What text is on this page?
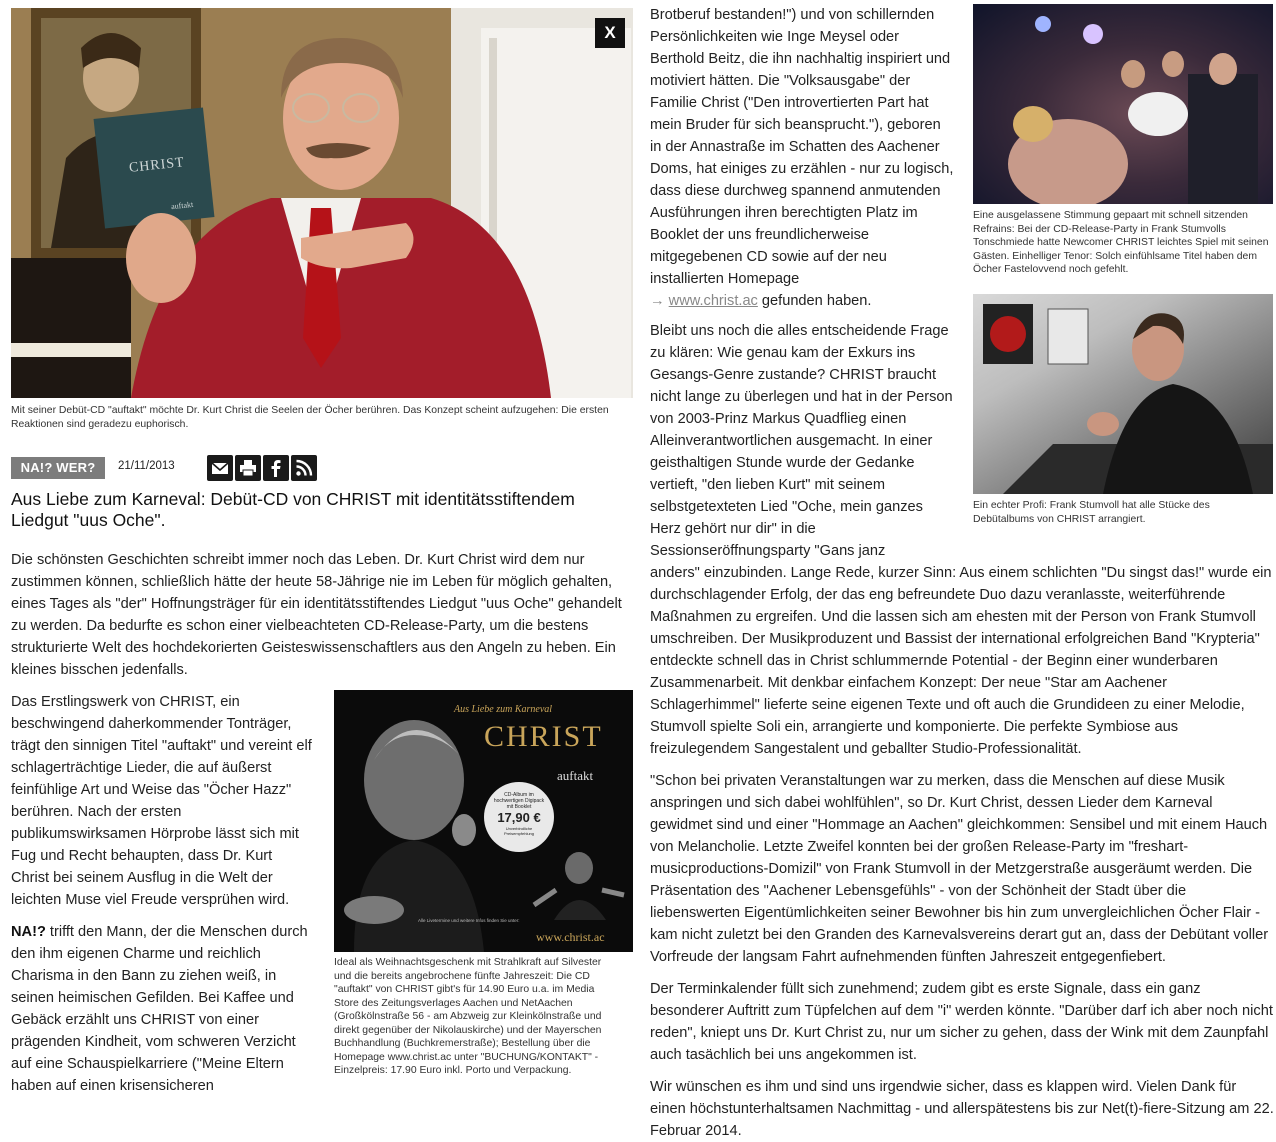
CHRIST
auftakt
X
Mit seiner Debüt-CD "auftakt" möchte Dr. Kurt Christ die Seelen der Öcher berühren. Das Konzept scheint aufzugehen: Die ersten Reaktionen sind geradezu euphorisch.
NA!? WER?	21/11/2013
Aus Liebe zum Karneval: Debüt-CD von CHRIST mit identitätsstiftendem Liedgut "uus Oche".

Die schönsten Geschichten schreibt immer noch das Leben. Dr. Kurt Christ wird dem nur zustimmen können, schließlich hätte der heute 58-Jährige nie im Leben für möglich gehalten, eines Tages als "der" Hoffnungsträger für ein identitätsstiftendes Liedgut "uus Oche" gehandelt zu werden. Da bedurfte es schon einer vielbeachteten CD-Release-Party, um die bestens strukturierte Welt des hochdekorierten Geisteswissenschaftlers aus den Angeln zu heben. Ein kleines bisschen jedenfalls.

Das Erstlingswerk von CHRIST, ein beschwingend daherkommender Tonträger, trägt den sinnigen Titel "auftakt" und vereint elf schlagerträchtige Lieder, die auf äußerst feinfühlige Art und Weise das "Öcher Hazz" berühren. Nach der ersten publikumswirksamen Hörprobe lässt sich mit Fug und Recht behaupten, dass Dr. Kurt Christ bei seinem Ausflug in die Welt der leichten Muse viel Freude versprühen wird.

NA!? trifft den Mann, der die Menschen durch den ihm eigenen Charme und reichlich Charisma in den Bann zu ziehen weiß, in seinen heimischen Gefilden. Bei Kaffee und Gebäck erzählt uns CHRIST von einer prägenden Kindheit, vom schweren Verzicht auf eine Schauspielkarriere ("Meine Eltern haben auf einen krisensicheren

Aus Liebe zum Karneval
CHRIST
auftakt
CD-Album im hochwertigen Digipack mit Booklet
17,90 €
Unverbindliche Preisempfehlung
Alle Livetermine und weitere Infos finden Sie unter:
www.christ.ac
Ideal als Weihnachtsgeschenk mit Strahlkraft auf Silvester und die bereits angebrochene fünfte Jahreszeit: Die CD "auftakt" von CHRIST gibt's für 14.90 Euro u.a. im Media Store des Zeitungsverlages Aachen und NetAachen (Großkölnstraße 56 - am Abzweig zur Kleinkölnstraße und direkt gegenüber der Nikolauskirche) und der Mayerschen Buchhandlung (Buchkremerstraße); Bestellung über die Homepage www.christ.ac unter "BUCHUNG/KONTAKT" - Einzelpreis: 17.90 Euro inkl. Porto und Verpackung.

Brotberuf bestanden!") und von schillernden Persönlichkeiten wie Inge Meysel oder Berthold Beitz, die ihn nachhaltig inspiriert und motiviert hätten. Die "Volksausgabe" der Familie Christ ("Den introvertierten Part hat mein Bruder für sich beansprucht."), geboren in der Annastraße im Schatten des Aachener Doms, hat einiges zu erzählen - nur zu logisch, dass diese durchweg spannend anmutenden Ausführungen ihren berechtigten Platz im Booklet der uns freundlicherweise mitgegebenen CD sowie auf der neu installierten Homepage
→ www.christ.ac gefunden haben.

Bleibt uns noch die alles entscheidende Frage zu klären: Wie genau kam der Exkurs ins Gesangs-Genre zustande? CHRIST braucht nicht lange zu überlegen und hat in der Person von 2003-Prinz Markus Quadflieg einen Alleinverantwortlichen ausgemacht. In einer geisthaltigen Stunde wurde der Gedanke vertieft, "den lieben Kurt" mit seinem selbstgetexteten Lied "Oche, mein ganzes Herz gehört nur dir" in die Sessionseröffnungsparty "Gans janz

anders" einzubinden. Lange Rede, kurzer Sinn: Aus einem schlichten "Du singst das!" wurde ein durchschlagender Erfolg, der das eng befreundete Duo dazu veranlasste, weiterführende Maßnahmen zu ergreifen. Und die lassen sich am ehesten mit der Person von Frank Stumvoll umschreiben. Der Musikproduzent und Bassist der international erfolgreichen Band "Krypteria" entdeckte schnell das in Christ schlummernde Potential - der Beginn einer wunderbaren Zusammenarbeit. Mit denkbar einfachem Konzept: Der neue "Star am Aachener Schlagerhimmel" lieferte seine eigenen Texte und oft auch die Grundideen zu einer Melodie, Stumvoll spielte Soli ein, arrangierte und komponierte. Die perfekte Symbiose aus freizulegendem Sangestalent und geballter Studio-Professionalität.

"Schon bei privaten Veranstaltungen war zu merken, dass die Menschen auf diese Musik anspringen und sich dabei wohlfühlen", so Dr. Kurt Christ, dessen Lieder dem Karneval gewidmet sind und einer "Hommage an Aachen" gleichkommen: Sensibel und mit einem Hauch von Melancholie. Letzte Zweifel konnten bei der großen Release-Party im "freshart-musicproductions-Domizil" von Frank Stumvoll in der Metzgerstraße ausgeräumt werden. Die Präsentation des "Aachener Lebensgefühls" - von der Schönheit der Stadt über die liebenswerten Eigentümlichkeiten seiner Bewohner bis hin zum unvergleichlichen Öcher Flair - kam nicht zuletzt bei den Granden des Karnevalsvereins derart gut an, dass der Debütant voller Vorfreude der langsam Fahrt aufnehmenden fünften Jahreszeit entgegenfiebert.

Der Terminkalender füllt sich zunehmend; zudem gibt es erste Signale, dass ein ganz besonderer Auftritt zum Tüpfelchen auf dem "i" werden könnte. "Darüber darf ich aber noch nicht reden", kniept uns Dr. Kurt Christ zu, nur um sicher zu gehen, dass der Wink mit dem Zaunpfahl auch tasächlich bei uns angekommen ist.

Wir wünschen es ihm und sind uns irgendwie sicher, dass es klappen wird. Vielen Dank für einen höchstunterhaltsamen Nachmittag - und allerspätestens bis zur Net(t)-fiere-Sitzung am 22. Februar 2014.

Eine ausgelassene Stimmung gepaart mit schnell sitzenden Refrains: Bei der CD-Release-Party in Frank Stumvolls Tonschmiede hatte Newcomer CHRIST leichtes Spiel mit seinen Gästen. Einhelliger Tenor: Solch einfühlsame Titel haben dem Öcher Fastelovvend noch gefehlt.
Ein echter Profi: Frank Stumvoll hat alle Stücke des Debütalbums von CHRIST arrangiert.
